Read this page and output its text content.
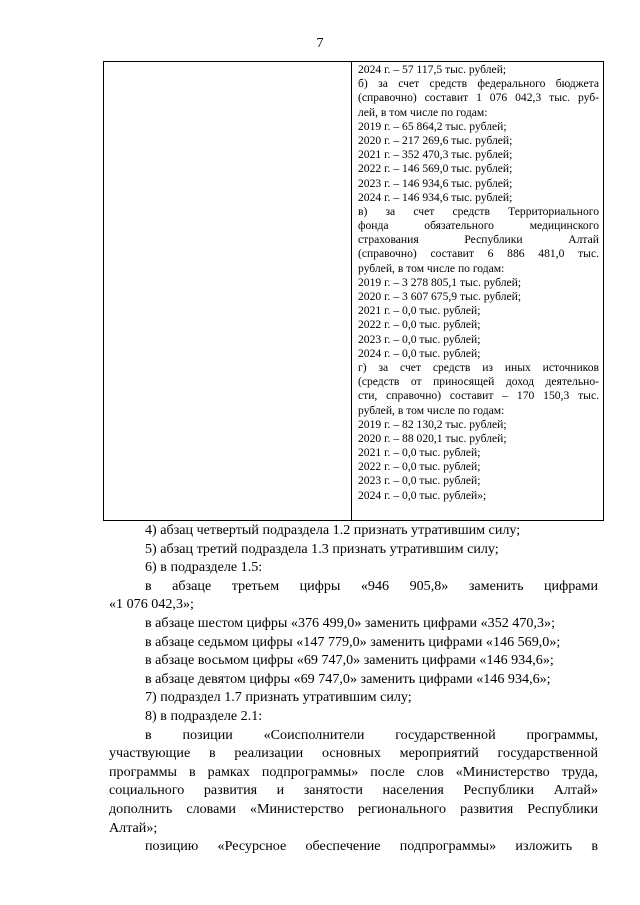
7
2024 г. – 57 117,5 тыс. рублей;
б) за счет средств федерального бюджета
(справочно) составит 1 076 042,3 тыс. руб-
лей, в том числе по годам:
2019 г. – 65 864,2 тыс. рублей;
2020 г. – 217 269,6 тыс. рублей;
2021 г. – 352 470,3 тыс. рублей;
2022 г. – 146 569,0 тыс. рублей;
2023 г. – 146 934,6 тыс. рублей;
2024 г. – 146 934,6 тыс. рублей;
в) за счет средств Территориального
фонда обязательного медицинского
страхования Республики Алтай
(справочно) составит 6 886 481,0 тыс.
рублей, в том числе по годам:
2019 г. – 3 278 805,1 тыс. рублей;
2020 г. – 3 607 675,9 тыс. рублей;
2021 г. – 0,0 тыс. рублей;
2022 г. – 0,0 тыс. рублей;
2023 г. – 0,0 тыс. рублей;
2024 г. – 0,0 тыс. рублей;
г) за счет средств из иных источников
(средств от приносящей доход деятельно-
сти, справочно) составит – 170 150,3 тыс.
рублей, в том числе по годам:
2019 г. – 82 130,2 тыс. рублей;
2020 г. – 88 020,1 тыс. рублей;
2021 г. – 0,0 тыс. рублей;
2022 г. – 0,0 тыс. рублей;
2023 г. – 0,0 тыс. рублей;
2024 г. – 0,0 тыс. рублей»;
4) абзац четвертый подраздела 1.2 признать утратившим силу;
5) абзац третий подраздела 1.3 признать утратившим силу;
6) в подразделе 1.5:
в абзаце третьем цифры «946 905,8» заменить цифрами
«1 076 042,3»;
в абзаце шестом цифры «376 499,0» заменить цифрами «352 470,3»;
в абзаце седьмом цифры «147 779,0» заменить цифрами «146 569,0»;
в абзаце восьмом цифры «69 747,0» заменить цифрами «146 934,6»;
в абзаце девятом цифры «69 747,0» заменить цифрами «146 934,6»;
7) подраздел 1.7 признать утратившим силу;
8) в подразделе 2.1:
в позиции «Соисполнители государственной программы,
участвующие в реализации основных мероприятий государственной
программы в рамках подпрограммы» после слов «Министерство труда,
социального развития и занятости населения Республики Алтай»
дополнить словами «Министерство регионального развития Республики
Алтай»;
позицию «Ресурсное обеспечение подпрограммы» изложить в
